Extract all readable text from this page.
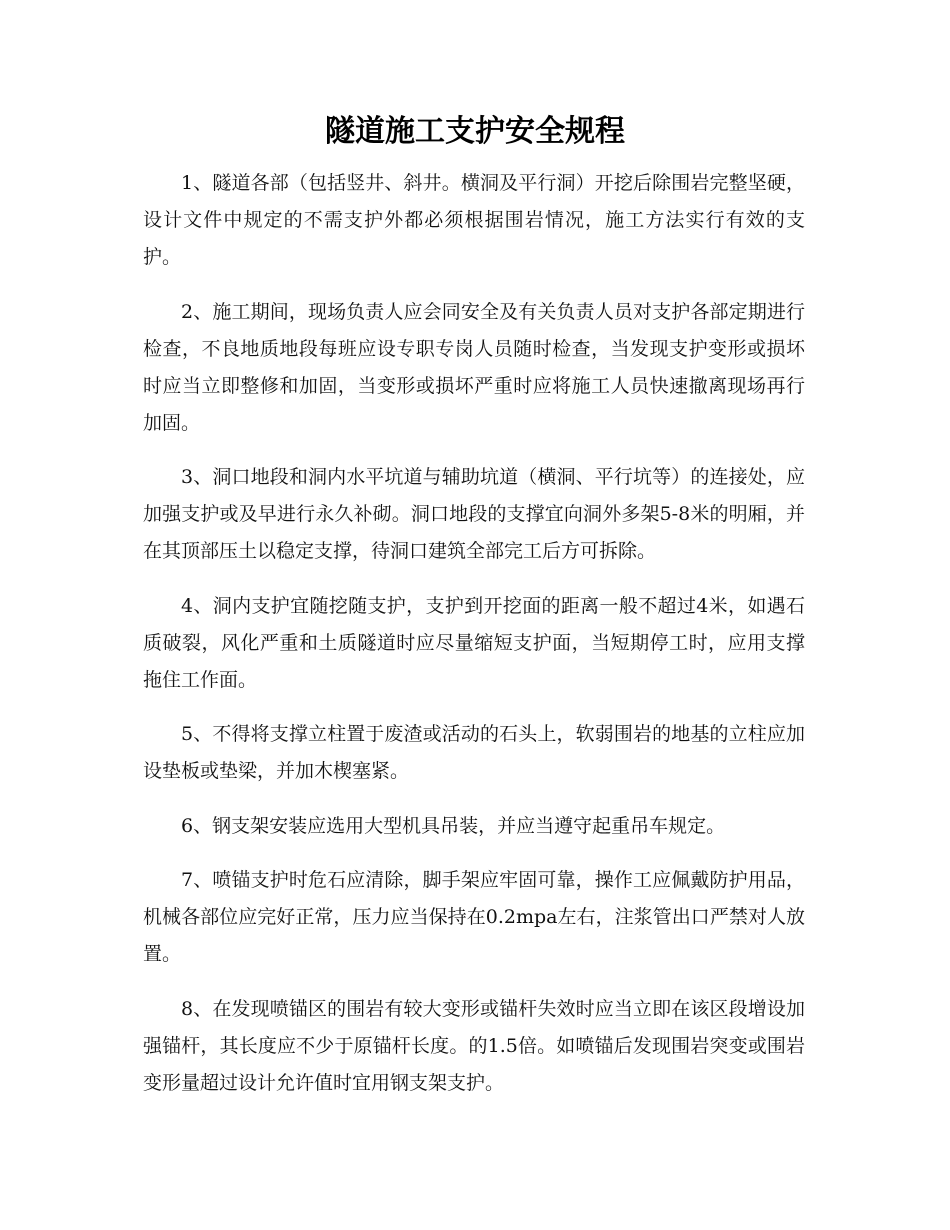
隧道施工支护安全规程

1、隧道各部（包括竖井、斜井。横洞及平行洞）开挖后除围岩完整坚硬，设计文件中规定的不需支护外都必须根据围岩情况，施工方法实行有效的支护。

2、施工期间，现场负责人应会同安全及有关负责人员对支护各部定期进行检查，不良地质地段每班应设专职专岗人员随时检查，当发现支护变形或损坏时应当立即整修和加固，当变形或损坏严重时应将施工人员快速撤离现场再行加固。

3、洞口地段和洞内水平坑道与辅助坑道（横洞、平行坑等）的连接处，应加强支护或及早进行永久补砌。洞口地段的支撑宜向洞外多架5-8米的明厢，并在其顶部压土以稳定支撑，待洞口建筑全部完工后方可拆除。

4、洞内支护宜随挖随支护，支护到开挖面的距离一般不超过4米，如遇石质破裂，风化严重和土质隧道时应尽量缩短支护面，当短期停工时，应用支撑拖住工作面。

5、不得将支撑立柱置于废渣或活动的石头上，软弱围岩的地基的立柱应加设垫板或垫梁，并加木楔塞紧。

6、钢支架安装应选用大型机具吊装，并应当遵守起重吊车规定。

7、喷锚支护时危石应清除，脚手架应牢固可靠，操作工应佩戴防护用品，机械各部位应完好正常，压力应当保持在0.2mpa左右，注浆管出口严禁对人放置。

8、在发现喷锚区的围岩有较大变形或锚杆失效时应当立即在该区段增设加强锚杆，其长度应不少于原锚杆长度。的1.5倍。如喷锚后发现围岩突变或围岩变形量超过设计允许值时宜用钢支架支护。
